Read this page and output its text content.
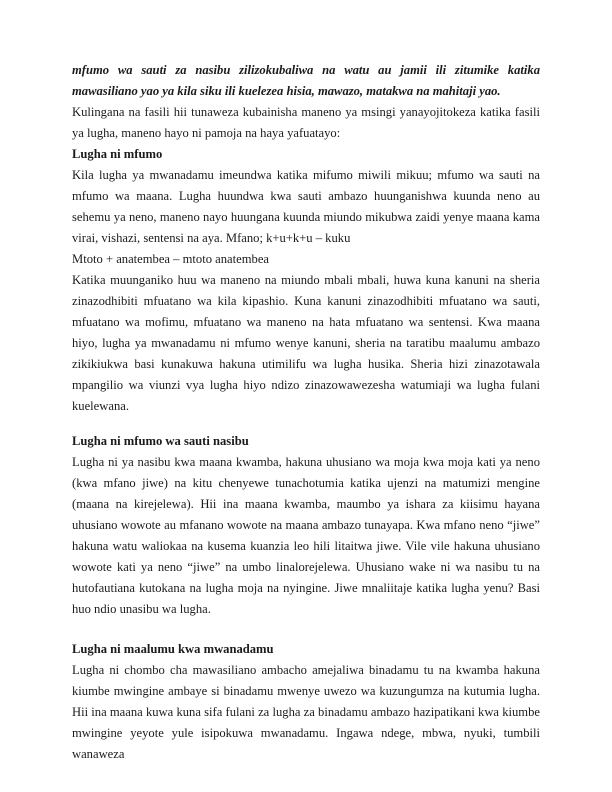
mfumo wa sauti za nasibu zilizokubaliwa na watu au jamii ili zitumike katika mawasiliano yao ya kila siku ili kuelezea hisia, mawazo, matakwa na mahitaji yao.

Kulingana na fasili hii tunaweza kubainisha maneno ya msingi yanayojitokeza katika fasili ya lugha, maneno hayo ni pamoja na haya yafuatayo:

Lugha ni mfumo

Kila lugha ya mwanadamu imeundwa katika mifumo miwili mikuu; mfumo wa sauti na mfumo wa maana. Lugha huundwa kwa sauti ambazo huunganishwa kuunda neno au sehemu ya neno, maneno nayo huungana kuunda miundo mikubwa zaidi yenye maana kama virai, vishazi, sentensi na aya. Mfano; k+u+k+u – kuku

Mtoto + anatembea – mtoto anatembea

Katika muunganiko huu wa maneno na miundo mbali mbali, huwa kuna kanuni na sheria zinazodhibiti mfuatano wa kila kipashio. Kuna kanuni zinazodhibiti mfuatano wa sauti, mfuatano wa mofimu, mfuatano wa maneno na hata mfuatano wa sentensi. Kwa maana hiyo, lugha ya mwanadamu ni mfumo wenye kanuni, sheria na taratibu maalumu ambazo zikikiukwa basi kunakuwa hakuna utimilifu wa lugha husika. Sheria hizi zinazotawala mpangilio wa viunzi vya lugha hiyo ndizo zinazowawezesha watumiaji wa lugha fulani kuelewana.

Lugha ni mfumo wa sauti nasibu

Lugha ni ya nasibu kwa maana kwamba, hakuna uhusiano wa moja kwa moja kati ya neno (kwa mfano jiwe) na kitu chenyewe tunachotumia katika ujenzi na matumizi mengine (maana na kirejelewa). Hii ina maana kwamba, maumbo ya ishara za kiisimu hayana uhusiano wowote au mfanano wowote na maana ambazo tunayapa. Kwa mfano neno “jiwe” hakuna watu waliokaa na kusema kuanzia leo hili litaitwa jiwe. Vile vile hakuna uhusiano wowote kati ya neno “jiwe” na umbo linalorejelewa. Uhusiano wake ni wa nasibu tu na hutofautiana kutokana na lugha moja na nyingine. Jiwe mnaliitaje katika lugha yenu? Basi huo ndio unasibu wa lugha.

Lugha ni maalumu kwa mwanadamu

Lugha ni chombo cha mawasiliano ambacho amejaliwa binadamu tu na kwamba hakuna kiumbe mwingine ambaye si binadamu mwenye uwezo wa kuzungumza na kutumia lugha. Hii ina maana kuwa kuna sifa fulani za lugha za binadamu ambazo hazipatikani kwa kiumbe mwingine yeyote yule isipokuwa mwanadamu. Ingawa ndege, mbwa, nyuki, tumbili wanaweza
